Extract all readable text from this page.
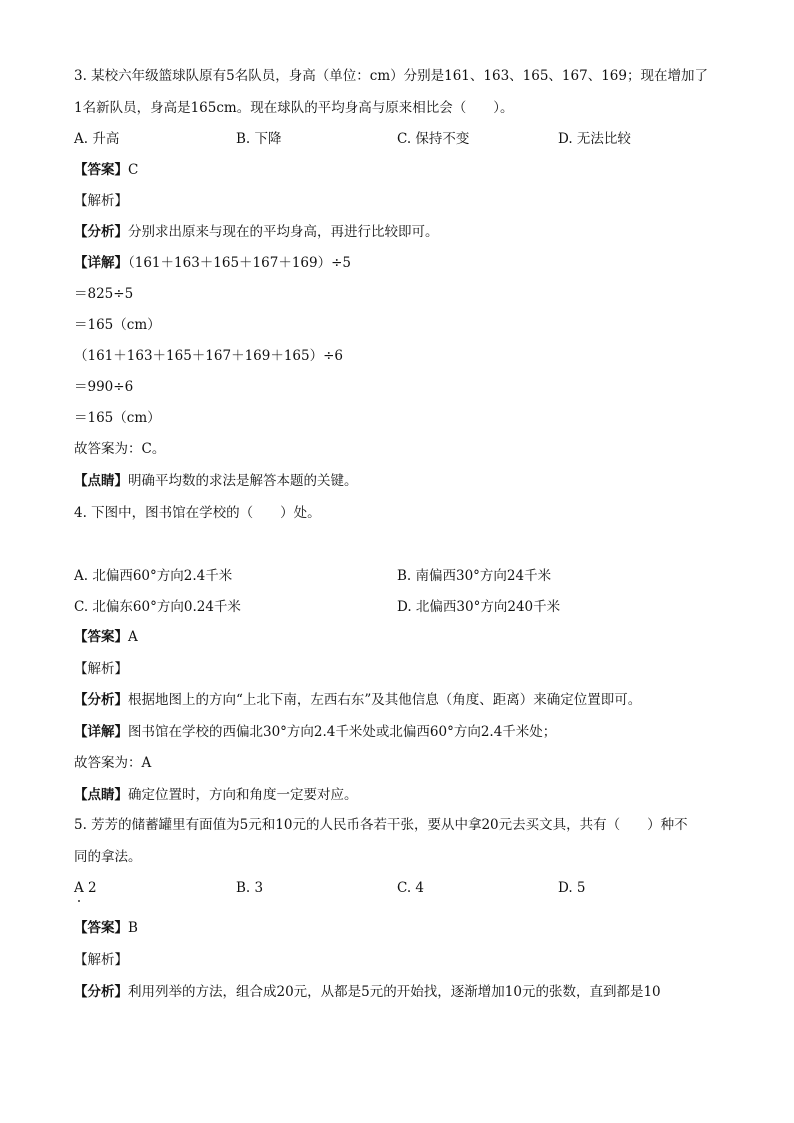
3. 某校六年级篮球队原有5名队员，身高（单位：cm）分别是161、163、165、167、169；现在增加了
1名新队员，身高是165cm。现在球队的平均身高与原来相比会（　　）。
A. 升高	B. 下降	C. 保持不变	D. 无法比较
【答案】C
【解析】
【分析】分别求出原来与现在的平均身高，再进行比较即可。
【详解】（161＋163＋165＋167＋169）÷5
＝825÷5
＝165（cm）
（161＋163＋165＋167＋169＋165）÷6
＝990÷6
＝165（cm）
故答案为：C。
【点睛】明确平均数的求法是解答本题的关键。
4. 下图中，图书馆在学校的（　　）处。
A. 北偏西60°方向2.4千米	B. 南偏西30°方向24千米
C. 北偏东60°方向0.24千米	D. 北偏西30°方向240千米
【答案】A
【解析】
【分析】根据地图上的方向“上北下南，左西右东”及其他信息（角度、距离）来确定位置即可。
【详解】图书馆在学校的西偏北30°方向2.4千米处或北偏西60°方向2.4千米处；
故答案为：A
【点睛】确定位置时，方向和角度一定要对应。
5. 芳芳的储蓄罐里有面值为5元和10元的人民币各若干张，要从中拿20元去买文具，共有（　　）种不
同的拿法。
A 2	B. 3	C. 4	D. 5
【答案】B
【解析】
【分析】利用列举的方法，组合成20元，从都是5元的开始找，逐渐增加10元的张数，直到都是10
